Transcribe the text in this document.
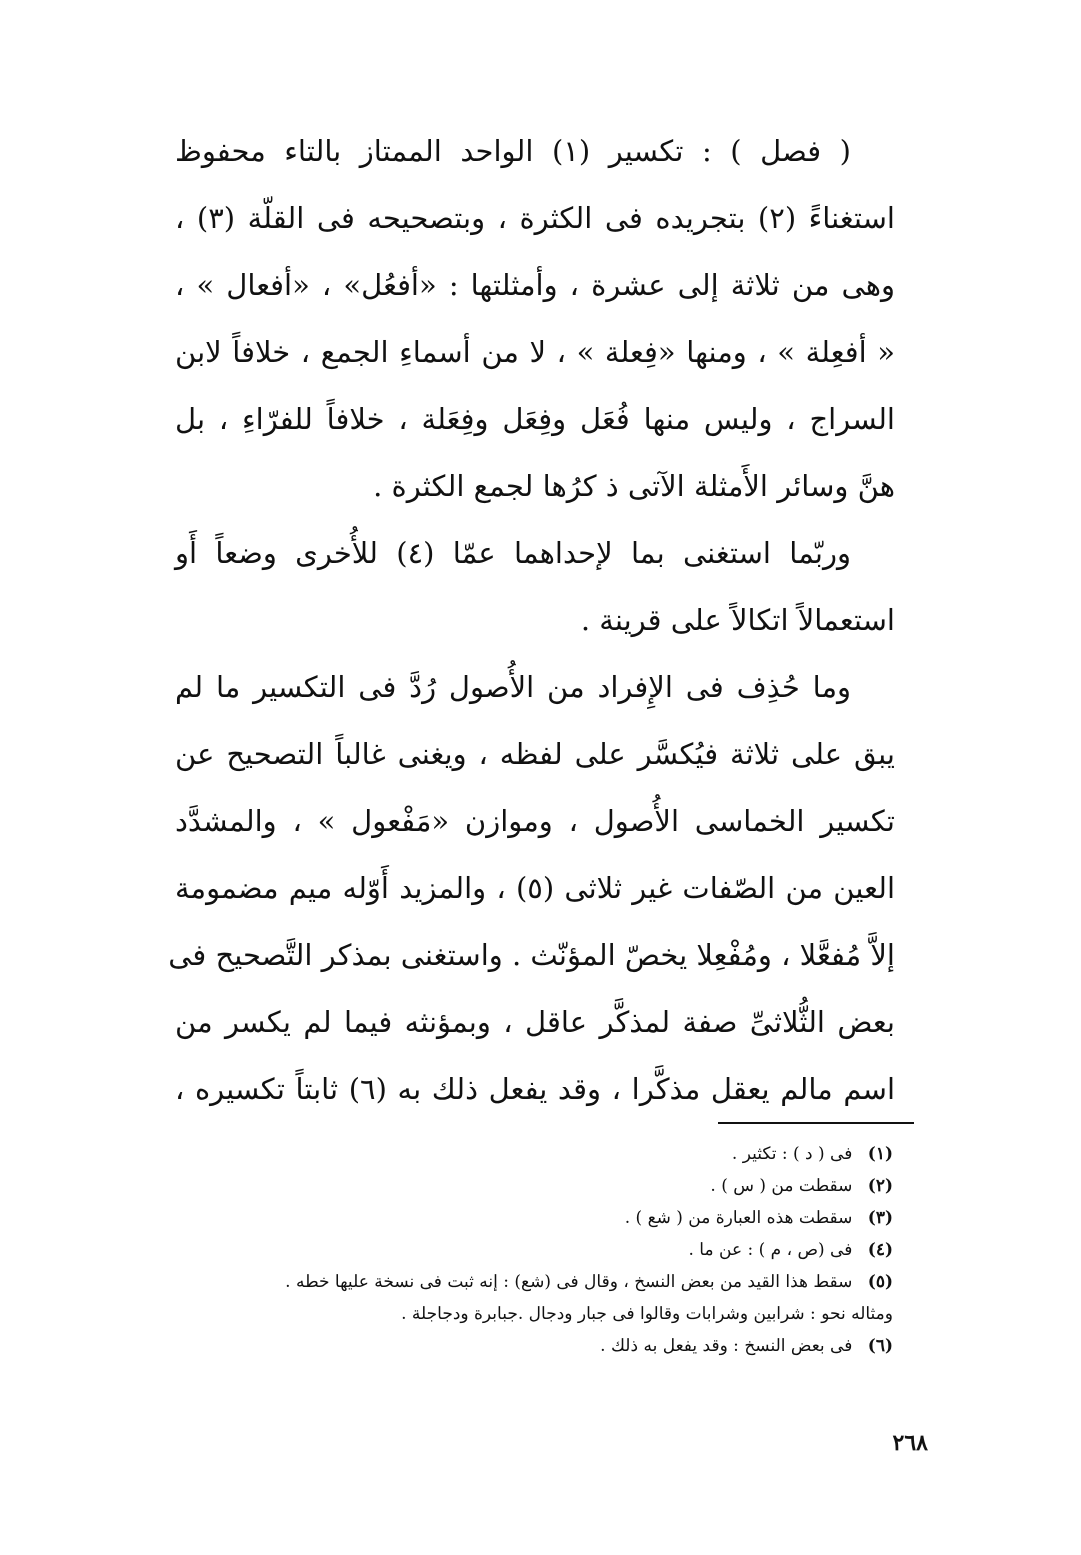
( فصل ) : تكسير (١) الواحد الممتاز بالتاء محفوظ
استغناءً (٢) بتجريده فى الكثرة ، وبتصحيحه فى القلّة (٣) ،
وهى من ثلاثة إلى عشرة ، وأمثلتها : «أفعُل» ، «أفعال » ،
« أفعِلة » ، ومنها «فِعلة » ، لا من أسماءِ الجمع ، خلافاً لابن
السراج ، وليس منها فُعَل وفِعَل وفِعَلة ، خلافاً للفرّاءِ ، بل
هنَّ وسائر الأَمثلة الآتى ذ كرُها لجمع الكثرة .
وربّما استغنى بما لإحداهما عمّا (٤) للأُخرى وضعاً أَو
استعمالاً اتكالاً على قرينة .
وما حُذِف فى الإِفراد من الأُصول رُدَّ فى التكسير ما لم
يبق على ثلاثة فيُكسَّر على لفظه ، ويغنى غالباً التصحيح عن
تكسير الخماسى الأُصول ، وموازن «مَفْعول » ، والمشدَّد
العين من الصّفات غير ثلاثى (٥) ، والمزيد أَوّله ميم مضمومة
إلاَّ مُفعَّلا ، ومُفْعِلا يخصّ المؤنّث . واستغنى بمذكر التَّصحيح فى
بعض الثُّلاثىِّ صفة لمذكَّر عاقل ، وبمؤنثه فيما لم يكسر من
اسم مالم يعقل مذكَّرا ، وقد يفعل ذلك به (٦) ثابتاً تكسيره ،
(١) فى ( د ) : تكثير .
(٢) سقطت من ( س ) .
(٣) سقطت هذه العبارة من ( شع ) .
(٤) فى (ص ، م ) : عن ما .
(٥) سقط هذا القيد من بعض النسخ ، وقال فى (شع) : إنه ثبت فى نسخة عليها خطه .
ومثاله نحو : شرابين وشرابات وقالوا فى جبار ودجال .جبابرة ودجاجلة .
(٦) فى بعض النسخ : وقد يفعل به ذلك .
٢٦٨
